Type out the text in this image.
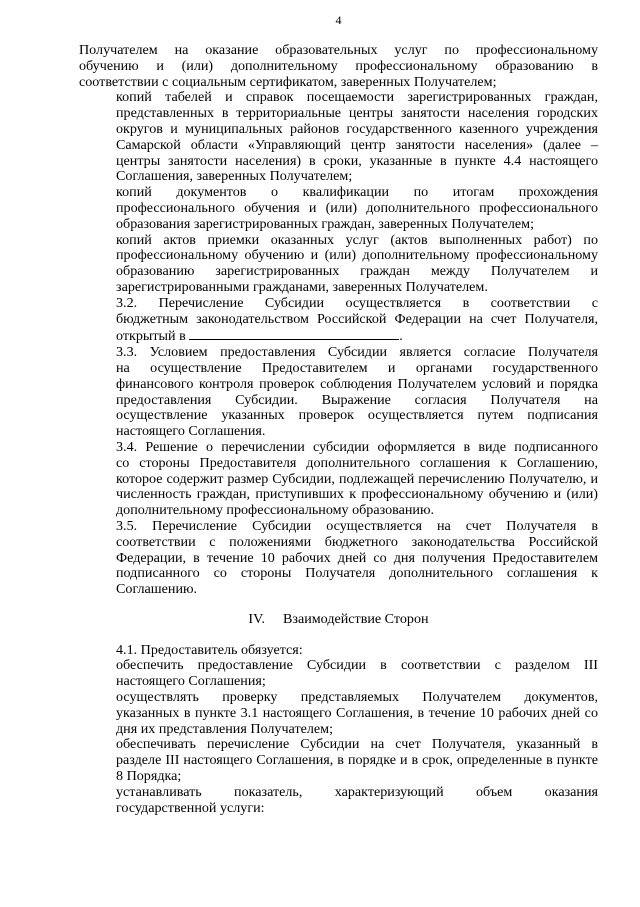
4

Получателем на оказание образовательных услуг по профессиональному
обучению и (или) дополнительному профессиональному образованию в
соответствии с социальным сертификатом, заверенных Получателем;

копий табелей и справок посещаемости зарегистрированных граждан,
представленных в территориальные центры занятости населения городских
округов и муниципальных районов государственного казенного учреждения
Самарской области «Управляющий центр занятости населения» (далее –
центры занятости населения) в сроки, указанные в пункте 4.4 настоящего
Соглашения, заверенных Получателем;

копий документов о квалификации по итогам прохождения
профессионального обучения и (или) дополнительного профессионального
образования зарегистрированных граждан, заверенных Получателем;

копий актов приемки оказанных услуг (актов выполненных работ) по
профессиональному обучению и (или) дополнительному профессиональному
образованию зарегистрированных граждан между Получателем и
зарегистрированными гражданами, заверенных Получателем.

3.2. Перечисление Субсидии осуществляется в соответствии с
бюджетным законодательством Российской Федерации на счет Получателя,
открытый в	.

3.3. Условием предоставления Субсидии является согласие Получателя
на осуществление Предоставителем и органами государственного
финансового контроля проверок соблюдения Получателем условий и порядка
предоставления Субсидии. Выражение согласия Получателя на
осуществление указанных проверок осуществляется путем подписания
настоящего Соглашения.

3.4. Решение о перечислении субсидии оформляется в виде подписанного
со стороны Предоставителя дополнительного соглашения к Соглашению,
которое содержит размер Субсидии, подлежащей перечислению Получателю, и
численность граждан, приступивших к профессиональному обучению и (или)
дополнительному профессиональному образованию.

3.5. Перечисление Субсидии осуществляется на счет Получателя в
соответствии с положениями бюджетного законодательства Российской
Федерации, в течение 10 рабочих дней со дня получения Предоставителем
подписанного со стороны Получателя дополнительного соглашения к
Соглашению.

IV. Взаимодействие Сторон

4.1. Предоставитель обязуется:

обеспечить предоставление Субсидии в соответствии с разделом III
настоящего Соглашения;

осуществлять проверку представляемых Получателем документов,
указанных в пункте 3.1 настоящего Соглашения, в течение 10 рабочих дней со
дня их представления Получателем;

обеспечивать перечисление Субсидии на счет Получателя, указанный в
разделе III настоящего Соглашения, в порядке и в срок, определенные в пункте
8 Порядка;

устанавливать показатель, характеризующий объем оказания
государственной услуги:
